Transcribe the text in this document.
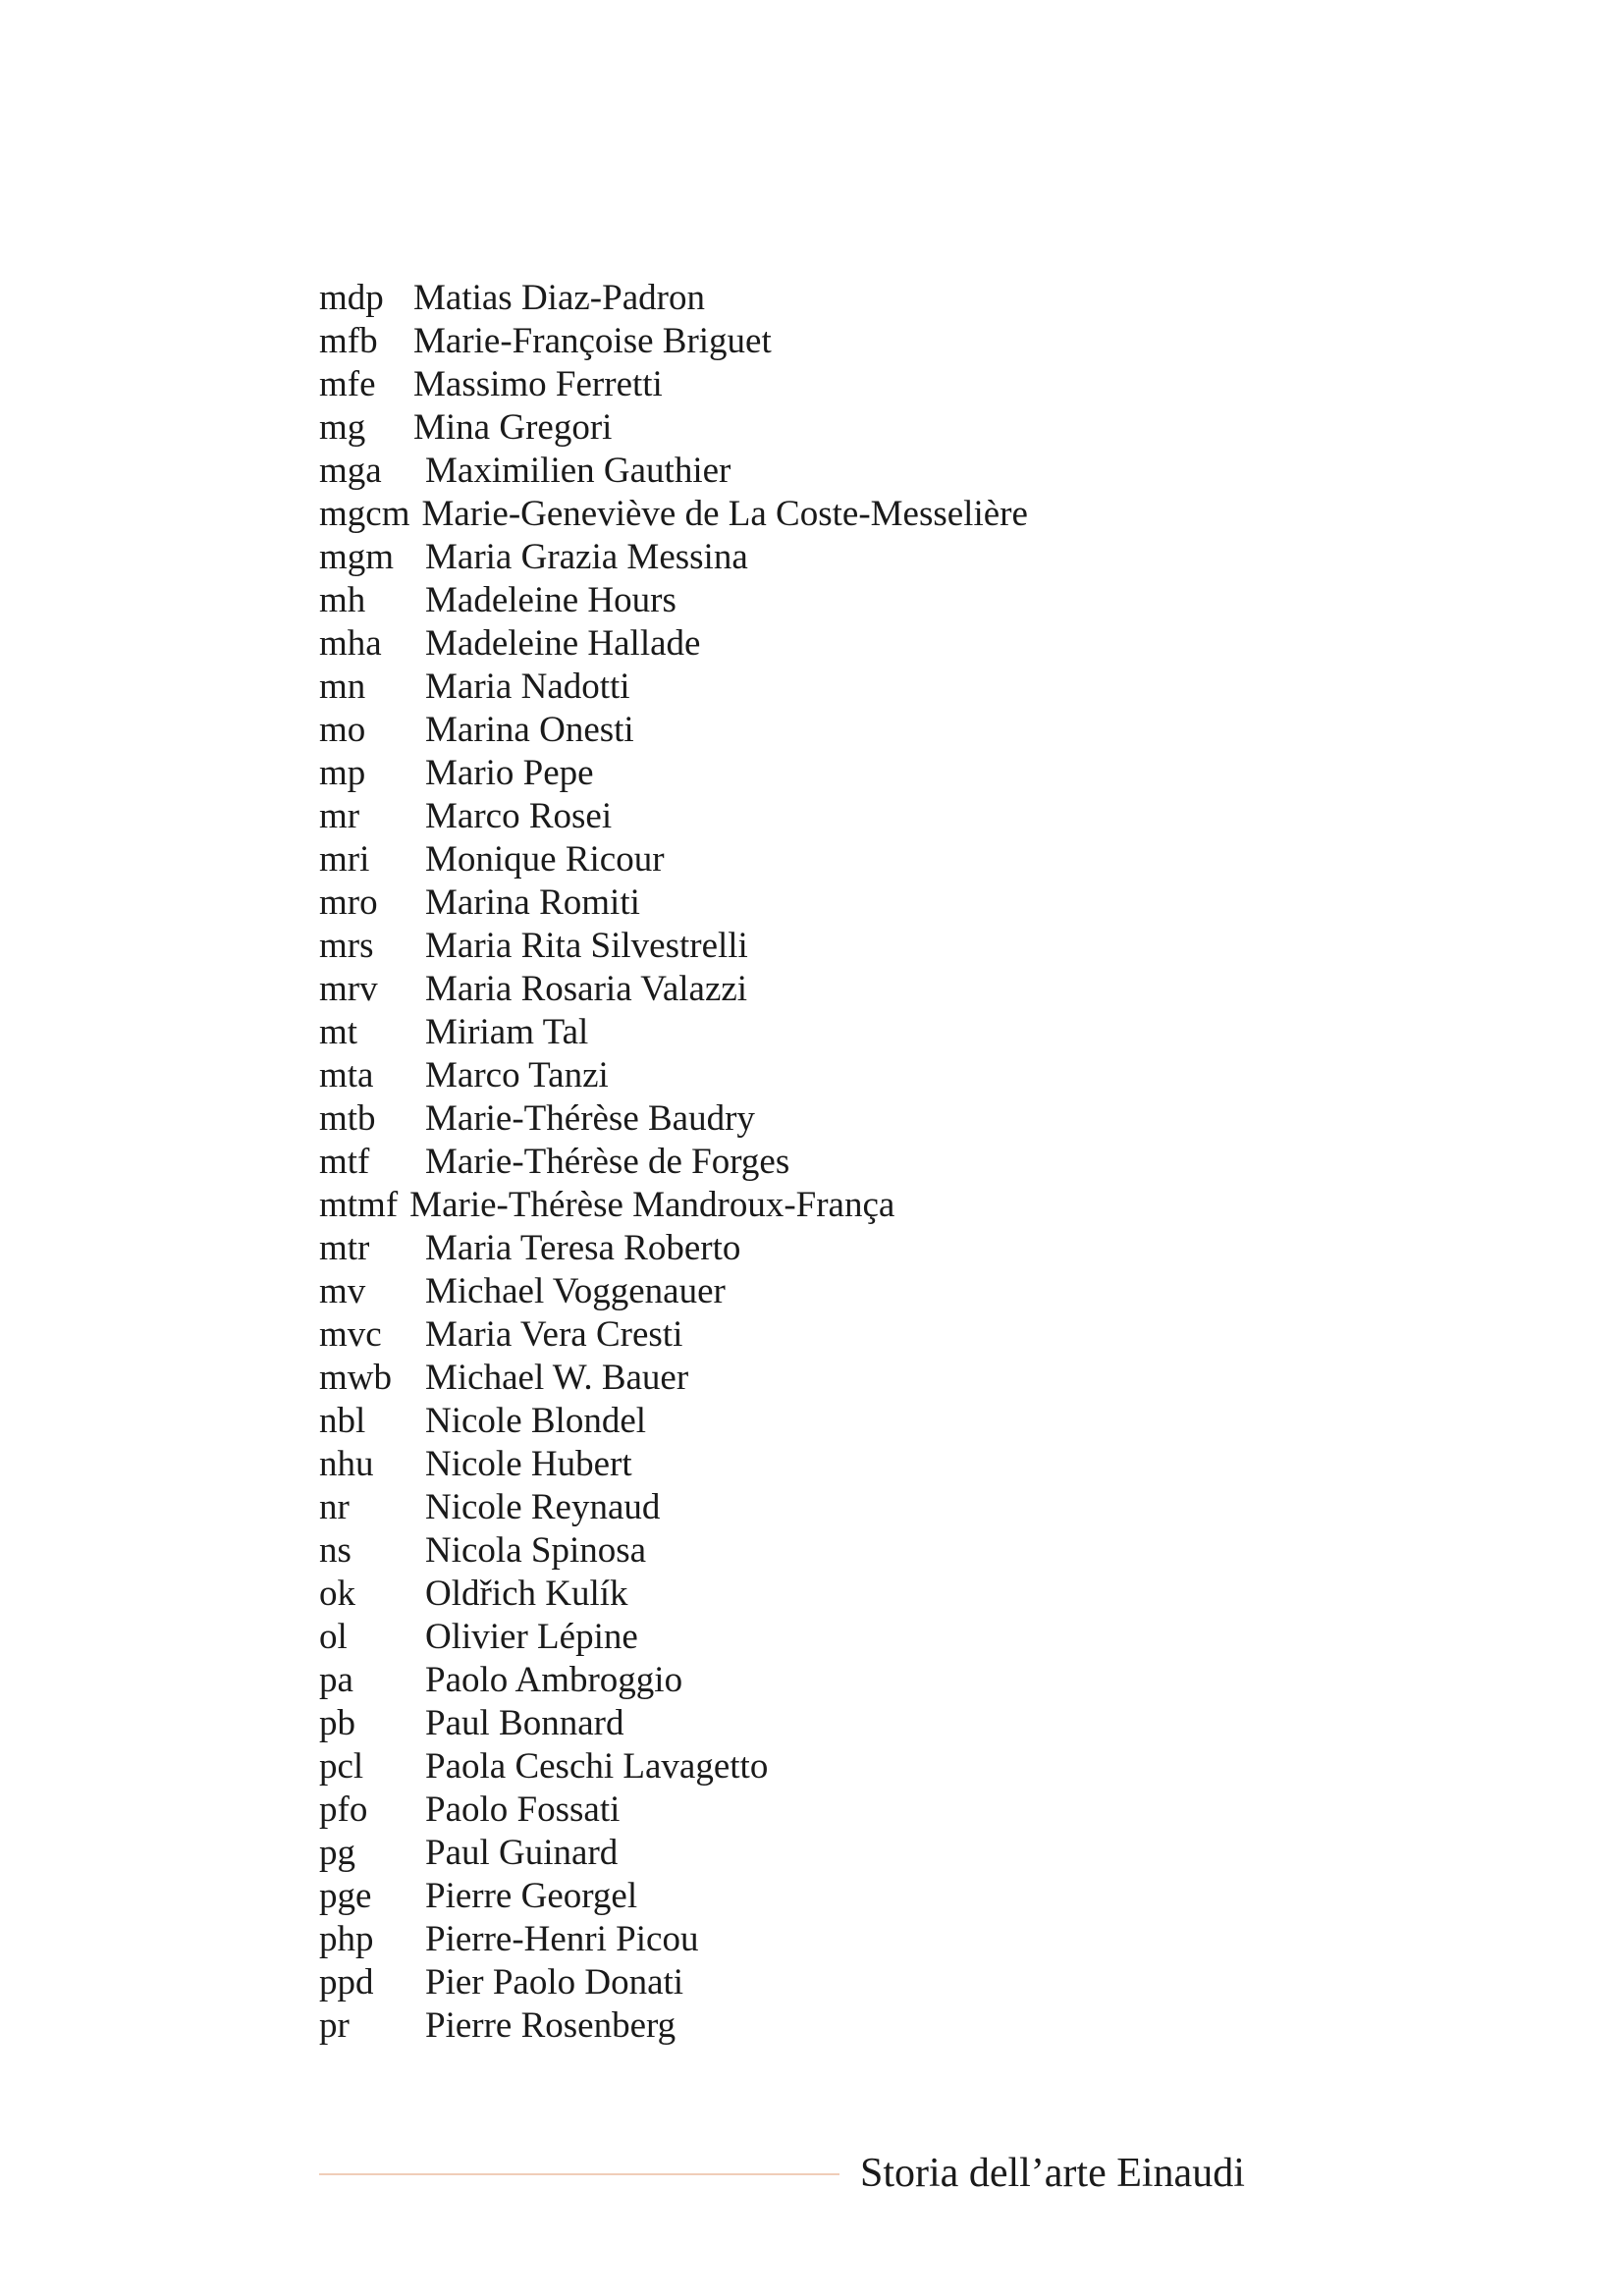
mdp Matias Diaz-Padron
mfb Marie-Françoise Briguet
mfe	Massimo Ferretti
mg	Mina Gregori
mga	Maximilien Gauthier
mgcm Marie-Geneviève de La Coste-Messelière
mgm Maria Grazia Messina
mh	Madeleine Hours
mha	Madeleine Hallade
mn	Maria Nadotti
mo	Marina Onesti
mp	Mario Pepe
mr	Marco Rosei
mri	Monique Ricour
mro	Marina Romiti
mrs	Maria Rita Silvestrelli
mrv	Maria Rosaria Valazzi
mt	Miriam Tal
mta	Marco Tanzi
mtb	Marie-Thérèse Baudry
mtf	Marie-Thérèse de Forges
mtmf Marie-Thérèse Mandroux-França
mtr	Maria Teresa Roberto
mv	Michael Voggenauer
mvc	Maria Vera Cresti
mwb Michael W. Bauer
nbl	Nicole Blondel
nhu	Nicole Hubert
nr	Nicole Reynaud
ns	Nicola Spinosa
ok	Oldřich Kulík
ol	Olivier Lépine
pa	Paolo Ambroggio
pb	Paul Bonnard
pcl	Paola Ceschi Lavagetto
pfo	Paolo Fossati
pg	Paul Guinard
pge	Pierre Georgel
php	Pierre-Henri Picou
ppd	Pier Paolo Donati
pr	Pierre Rosenberg
Storia dell’arte Einaudi
